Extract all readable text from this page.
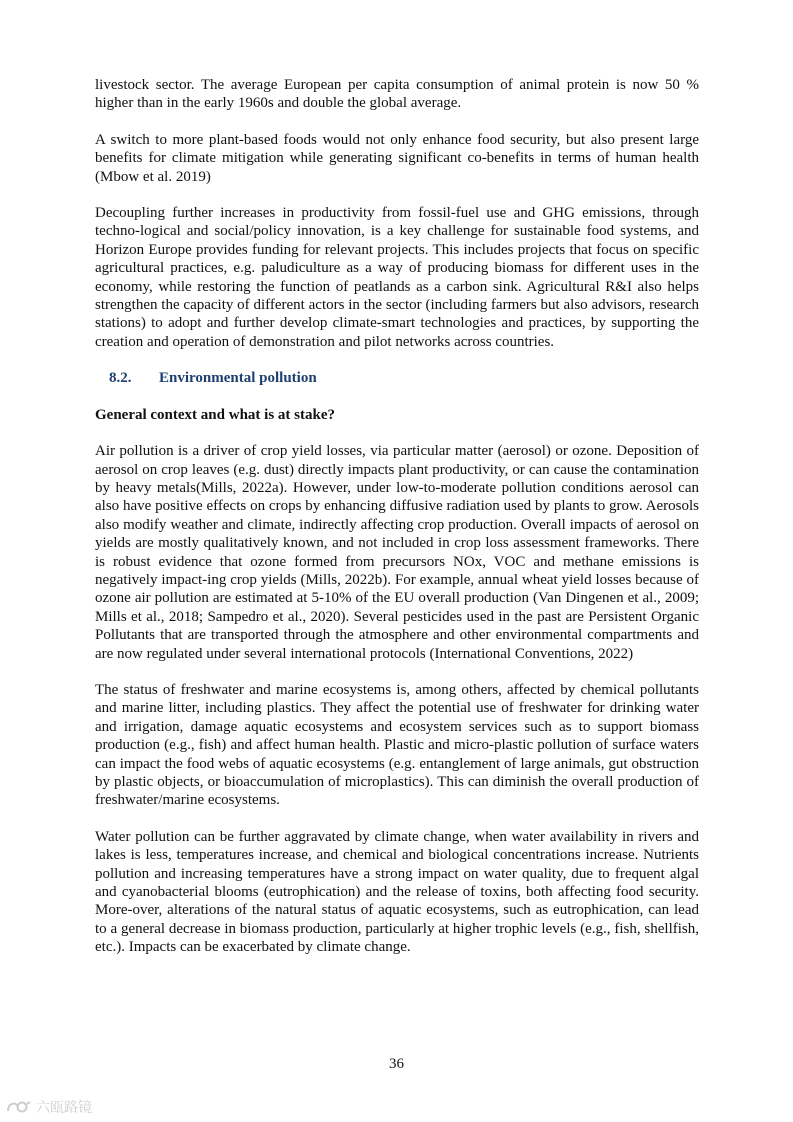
livestock sector. The average European per capita consumption of animal protein is now 50 % higher than in the early 1960s and double the global average.

A switch to more plant-based foods would not only enhance food security, but also present large benefits for climate mitigation while generating significant co-benefits in terms of human health (Mbow et al. 2019)

Decoupling further increases in productivity from fossil-fuel use and GHG emissions, through techno-logical and social/policy innovation, is a key challenge for sustainable food systems, and Horizon Europe provides funding for relevant projects. This includes projects that focus on specific agricultural practices, e.g. paludiculture as a way of producing biomass for different uses in the economy, while restoring the function of peatlands as a carbon sink. Agricultural R&I also helps strengthen the capacity of different actors in the sector (including farmers but also advisors, research stations) to adopt and further develop climate-smart technologies and practices, by supporting the creation and operation of demonstration and pilot networks across countries.

8.2.	Environmental pollution

General context and what is at stake?

Air pollution is a driver of crop yield losses, via particular matter (aerosol) or ozone. Deposition of aerosol on crop leaves (e.g. dust) directly impacts plant productivity, or can cause the contamination by heavy metals(Mills, 2022a). However, under low-to-moderate pollution conditions aerosol can also have positive effects on crops by enhancing diffusive radiation used by plants to grow. Aerosols also modify weather and climate, indirectly affecting crop production. Overall impacts of aerosol on yields are mostly qualitatively known, and not included in crop loss assessment frameworks. There is robust evidence that ozone formed from precursors NOx, VOC and methane emissions is negatively impact-ing crop yields (Mills, 2022b). For example, annual wheat yield losses because of ozone air pollution are estimated at 5-10% of the EU overall production (Van Dingenen et al., 2009; Mills et al., 2018; Sampedro et al., 2020). Several pesticides used in the past are Persistent Organic Pollutants that are transported through the atmosphere and other environmental compartments and are now regulated under several international protocols (International Conventions, 2022)

The status of freshwater and marine ecosystems is, among others, affected by chemical pollutants and marine litter, including plastics. They affect the potential use of freshwater for drinking water and irrigation, damage aquatic ecosystems and ecosystem services such as to support biomass production (e.g., fish) and affect human health. Plastic and micro-plastic pollution of surface waters can impact the food webs of aquatic ecosystems (e.g. entanglement of large animals, gut obstruction by plastic objects, or bioaccumulation of microplastics). This can diminish the overall production of freshwater/marine ecosystems.

Water pollution can be further aggravated by climate change, when water availability in rivers and lakes is less, temperatures increase, and chemical and biological concentrations increase. Nutrients pollution and increasing temperatures have a strong impact on water quality, due to frequent algal and cyanobacterial blooms (eutrophication) and the release of toxins, both affecting food security. More-over, alterations of the natural status of aquatic ecosystems, such as eutrophication, can lead to a general decrease in biomass production, particularly at higher trophic levels (e.g., fish, shellfish, etc.). Impacts can be exacerbated by climate change.

36
六瓯路镜
